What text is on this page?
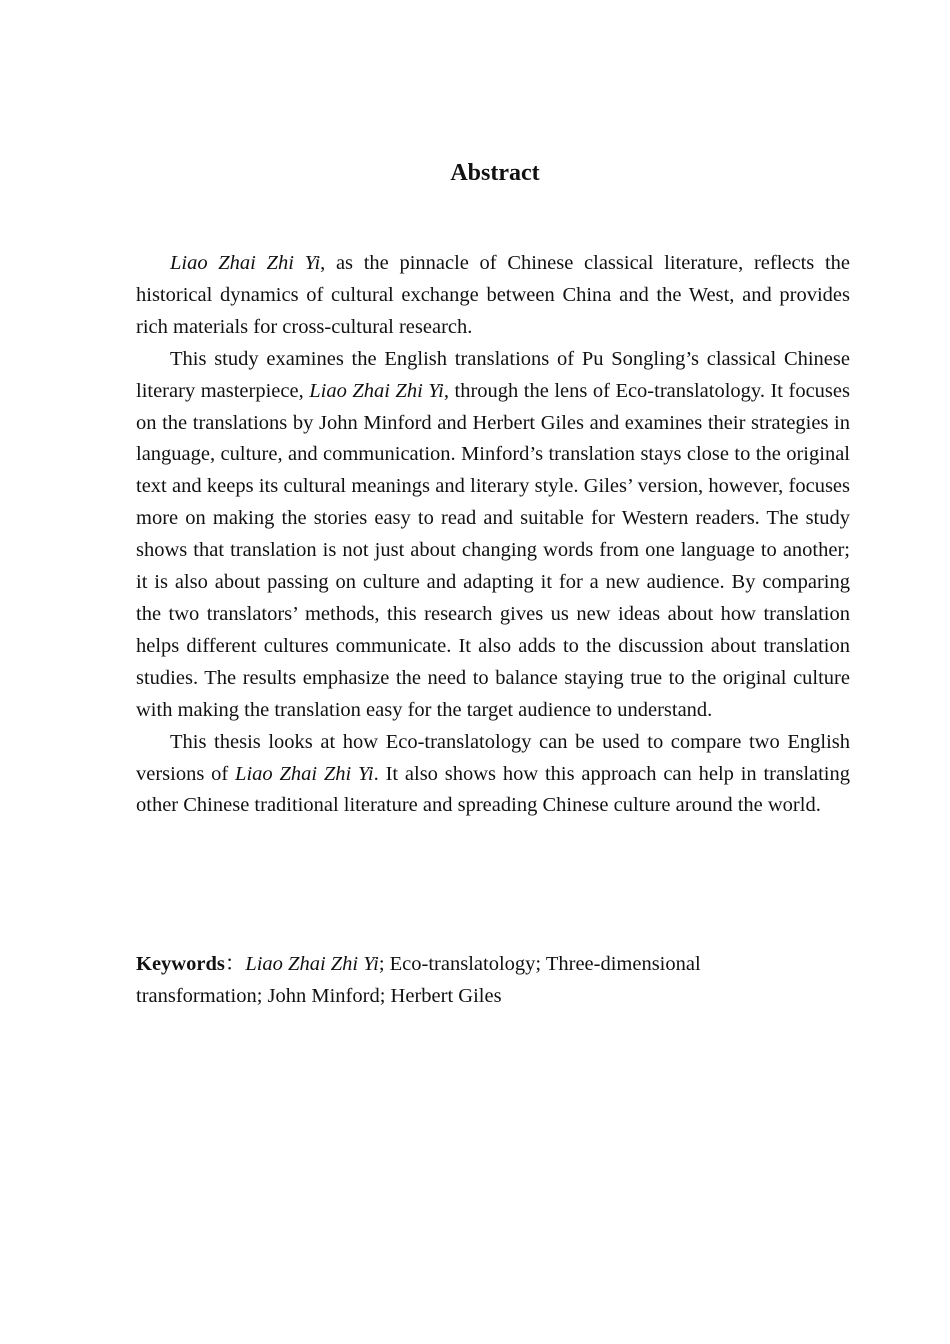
Abstract

Liao Zhai Zhi Yi, as the pinnacle of Chinese classical literature, reflects the historical dynamics of cultural exchange between China and the West, and provides rich materials for cross-cultural research.

This study examines the English translations of Pu Songling’s classical Chinese literary masterpiece, Liao Zhai Zhi Yi, through the lens of Eco-translatology. It focuses on the translations by John Minford and Herbert Giles and examines their strategies in language, culture, and communication. Minford’s translation stays close to the original text and keeps its cultural meanings and literary style. Giles’ version, however, focuses more on making the stories easy to read and suitable for Western readers. The study shows that translation is not just about changing words from one language to another; it is also about passing on culture and adapting it for a new audience. By comparing the two translators’ methods, this research gives us new ideas about how translation helps different cultures communicate. It also adds to the discussion about translation studies. The results emphasize the need to balance staying true to the original culture with making the translation easy for the target audience to understand.

This thesis looks at how Eco-translatology can be used to compare two English versions of Liao Zhai Zhi Yi. It also shows how this approach can help in translating other Chinese traditional literature and spreading Chinese culture around the world.

Keywords：Liao Zhai Zhi Yi; Eco-translatology; Three-dimensional transformation; John Minford; Herbert Giles
